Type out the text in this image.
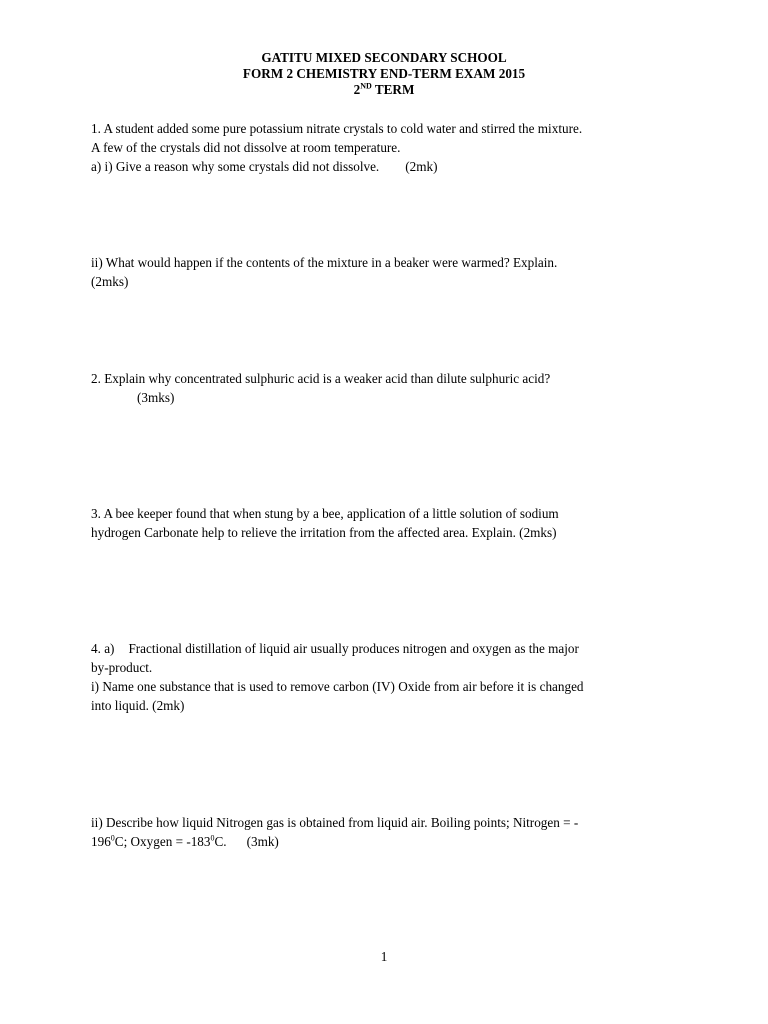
GATITU MIXED SECONDARY SCHOOL
FORM 2 CHEMISTRY END-TERM EXAM 2015
2ND TERM

1. A student added some pure potassium nitrate crystals to cold water and stirred the mixture.

A few of the crystals did not dissolve at room temperature.

a) i) Give a reason why some crystals did not dissolve. (2mk)

ii) What would happen if the contents of the mixture in a beaker were warmed? Explain.

(2mks)

2. Explain why concentrated sulphuric acid is a weaker acid than dilute sulphuric acid?

(3mks)

3. A bee keeper found that when stung by a bee, application of a little solution of sodium

hydrogen Carbonate help to relieve the irritation from the affected area. Explain. (2mks)

4. a) Fractional distillation of liquid air usually produces nitrogen and oxygen as the major

by-product.

i) Name one substance that is used to remove carbon (IV) Oxide from air before it is changed

into liquid. (2mk)

ii) Describe how liquid Nitrogen gas is obtained from liquid air. Boiling points; Nitrogen = -

$196^0C$; Oxygen = $-183^0C$. (3mk)

1
